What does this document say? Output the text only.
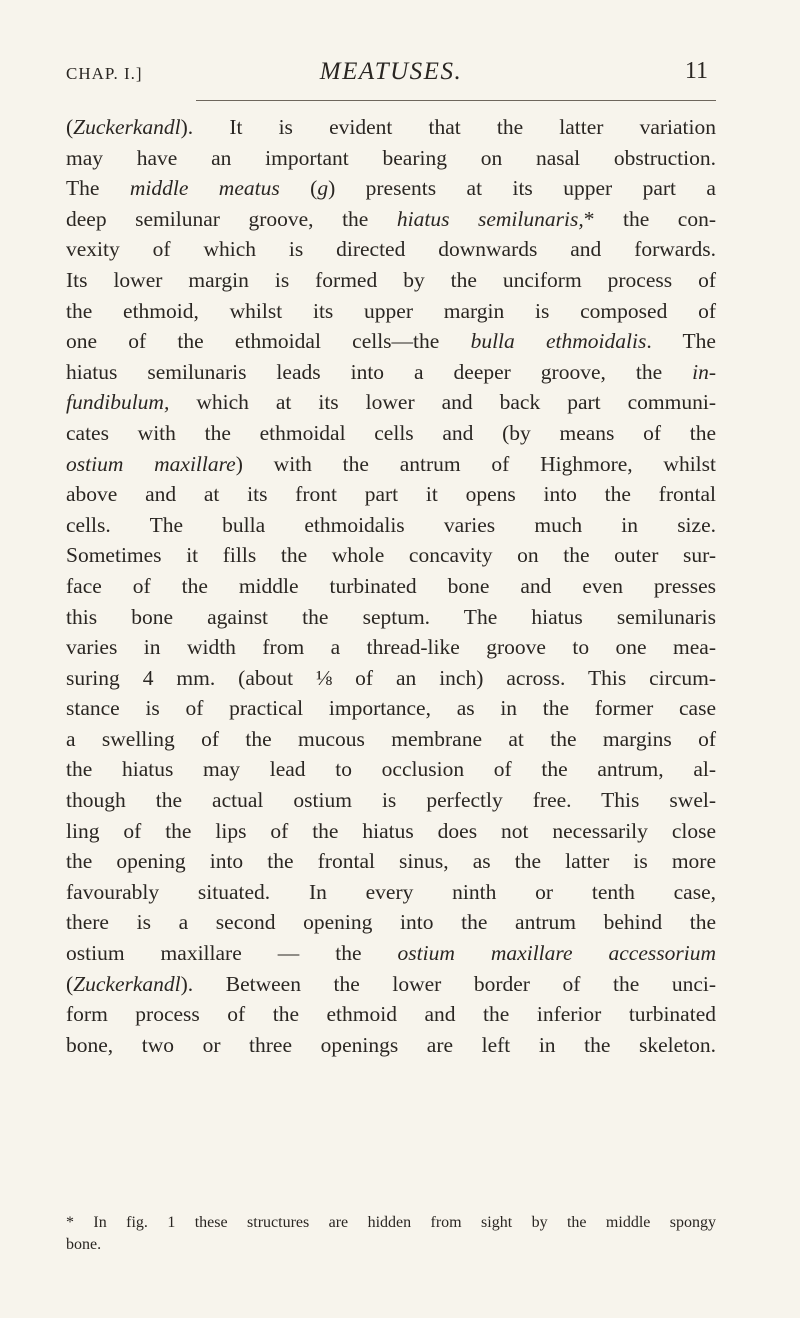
CHAP. I.]	MEATUSES.	11

(Zuckerkandl). It is evident that the latter variation
may have an important bearing on nasal obstruction.
The middle meatus (g) presents at its upper part a
deep semilunar groove, the hiatus semilunaris,* the con-
vexity of which is directed downwards and forwards.
Its lower margin is formed by the unciform process of
the ethmoid, whilst its upper margin is composed of
one of the ethmoidal cells—the bulla ethmoidalis. The
hiatus semilunaris leads into a deeper groove, the in-
fundibulum, which at its lower and back part communi-
cates with the ethmoidal cells and (by means of the
ostium maxillare) with the antrum of Highmore, whilst
above and at its front part it opens into the frontal
cells. The bulla ethmoidalis varies much in size.
Sometimes it fills the whole concavity on the outer sur-
face of the middle turbinated bone and even presses
this bone against the septum. The hiatus semilunaris
varies in width from a thread-like groove to one mea-
suring 4 mm. (about ⅛ of an inch) across. This circum-
stance is of practical importance, as in the former case
a swelling of the mucous membrane at the margins of
the hiatus may lead to occlusion of the antrum, al-
though the actual ostium is perfectly free. This swel-
ling of the lips of the hiatus does not necessarily close
the opening into the frontal sinus, as the latter is more
favourably situated. In every ninth or tenth case,
there is a second opening into the antrum behind the
ostium maxillare — the ostium maxillare accessorium
(Zuckerkandl). Between the lower border of the unci-
form process of the ethmoid and the inferior turbinated
bone, two or three openings are left in the skeleton.

* In fig. 1 these structures are hidden from sight by the middle spongy
bone.
